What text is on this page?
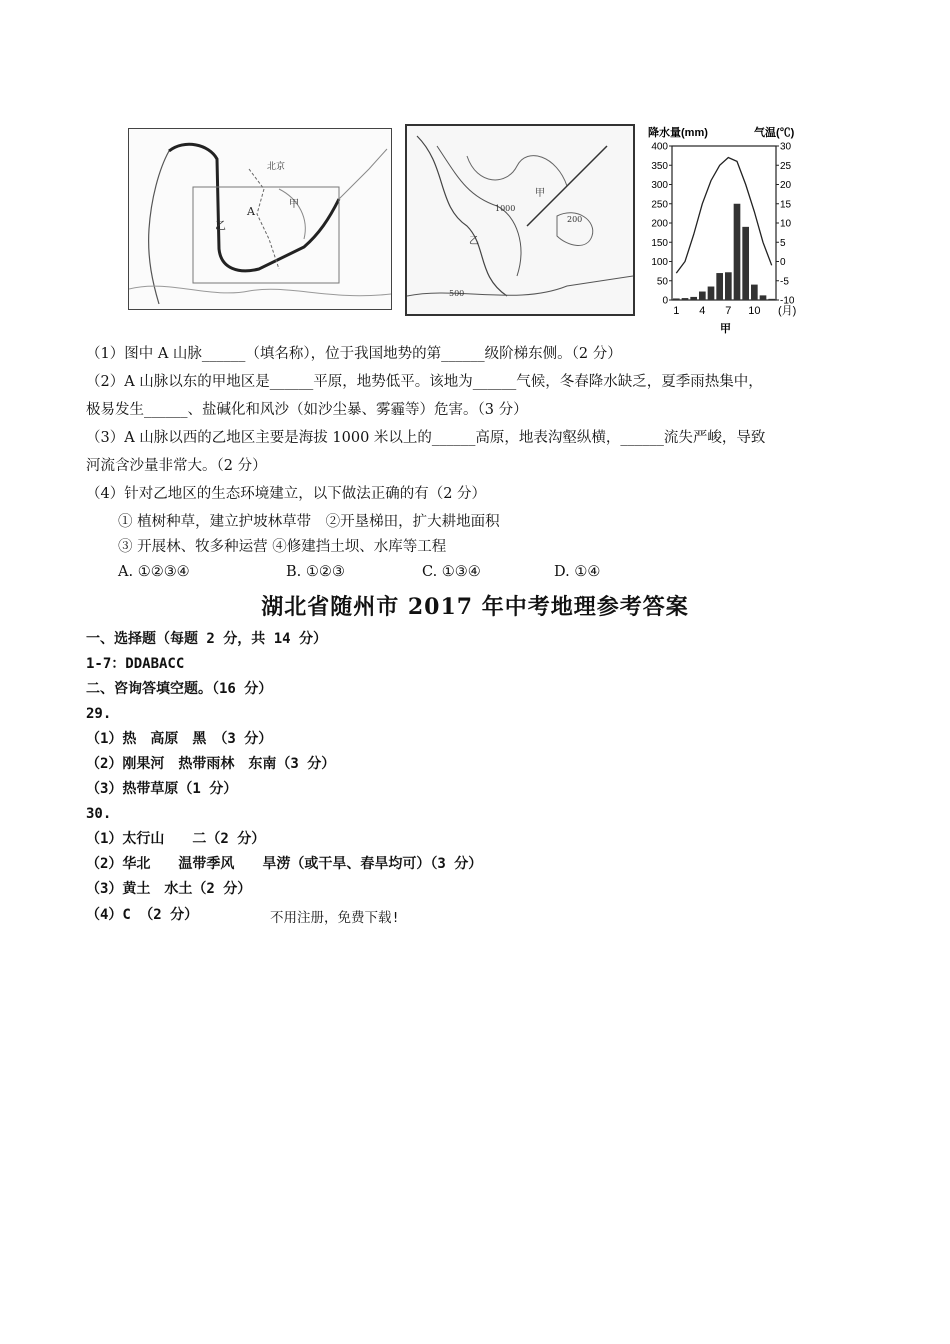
北京
A
甲
乙
甲
乙
1000
200
500
降水量(mm)	气温(℃)
0
50
100
150
200
250
300
350
400	30
25
20
15
10
5
0
-5
-10
1 4 7 10 (月)
甲
（1）图中 A 山脉______（填名称），位于我国地势的第______级阶梯东侧。（2 分）
（2）A 山脉以东的甲地区是______平原，地势低平。该地为______气候，冬春降水缺乏，夏季雨热集中，
极易发生______、盐碱化和风沙（如沙尘暴、雾霾等）危害。（3 分）
（3）A 山脉以西的乙地区主要是海拔 1000 米以上的______高原，地表沟壑纵横，______流失严峻，导致
河流含沙量非常大。（2 分）
（4）针对乙地区的生态环境建立，以下做法正确的有（2 分）
① 植树种草，建立护坡林草带　②开垦梯田，扩大耕地面积
③ 开展林、牧多种运营 ④修建挡土坝、水库等工程
A. ①②③④	B. ①②③	C. ①③④	D. ①④
湖北省随州市 2017 年中考地理参考答案
一、选择题（每题 2 分，共 14 分）
1-7：DDABACC
二、咨询答填空题。（16 分）
29.
（1）热　高原　黑　（3 分）
（2）刚果河　热带雨林　东南（3 分）
（3）热带草原（1 分）
30.
（1）太行山　　二（2 分）
（2）华北　　温带季风　　旱涝（或干旱、春旱均可）（3 分）
（3）黄土　水土（2 分）
（4）C （2 分）	不用注册，免费下载!
